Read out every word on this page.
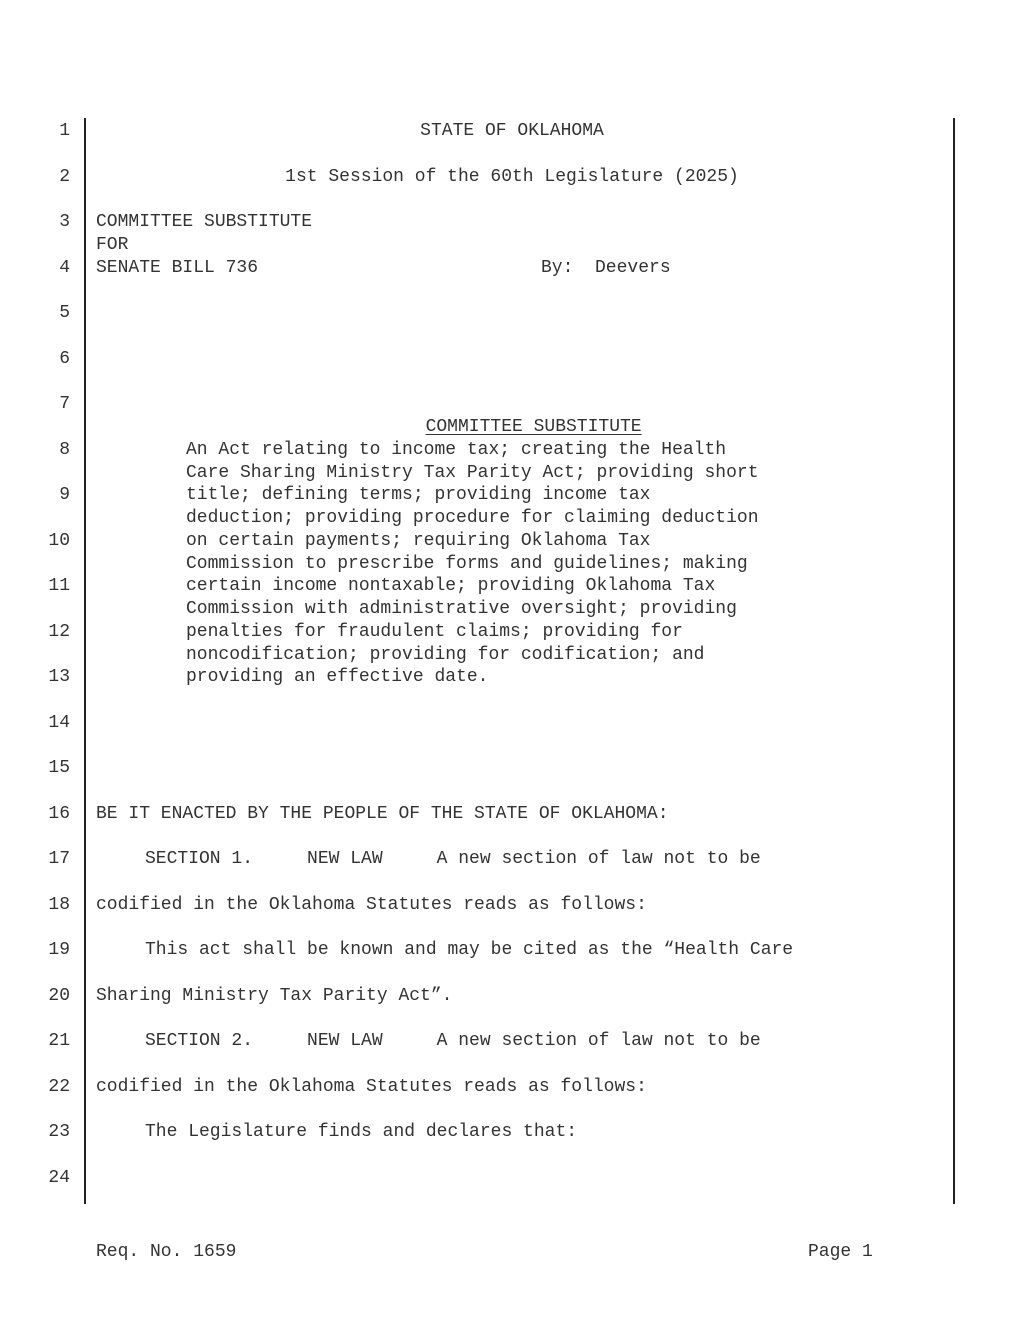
1
2
3
4
5
6
7
8
9
10
11
12
13
14
15
16
17
18
19
20
21
22
23
24
STATE OF OKLAHOMA
1st Session of the 60th Legislature (2025)
COMMITTEE SUBSTITUTE
FOR
SENATE BILL 736	By:  Deevers

COMMITTEE SUBSTITUTE

An Act relating to income tax; creating the Health
Care Sharing Ministry Tax Parity Act; providing short
title; defining terms; providing income tax
deduction; providing procedure for claiming deduction
on certain payments; requiring Oklahoma Tax
Commission to prescribe forms and guidelines; making
certain income nontaxable; providing Oklahoma Tax
Commission with administrative oversight; providing
penalties for fraudulent claims; providing for
noncodification; providing for codification; and
providing an effective date.
BE IT ENACTED BY THE PEOPLE OF THE STATE OF OKLAHOMA:
SECTION 1.     NEW LAW     A new section of law not to be
codified in the Oklahoma Statutes reads as follows:
This act shall be known and may be cited as the “Health Care
Sharing Ministry Tax Parity Act”.
SECTION 2.     NEW LAW     A new section of law not to be
codified in the Oklahoma Statutes reads as follows:
The Legislature finds and declares that:
Req. No. 1659	Page 1
